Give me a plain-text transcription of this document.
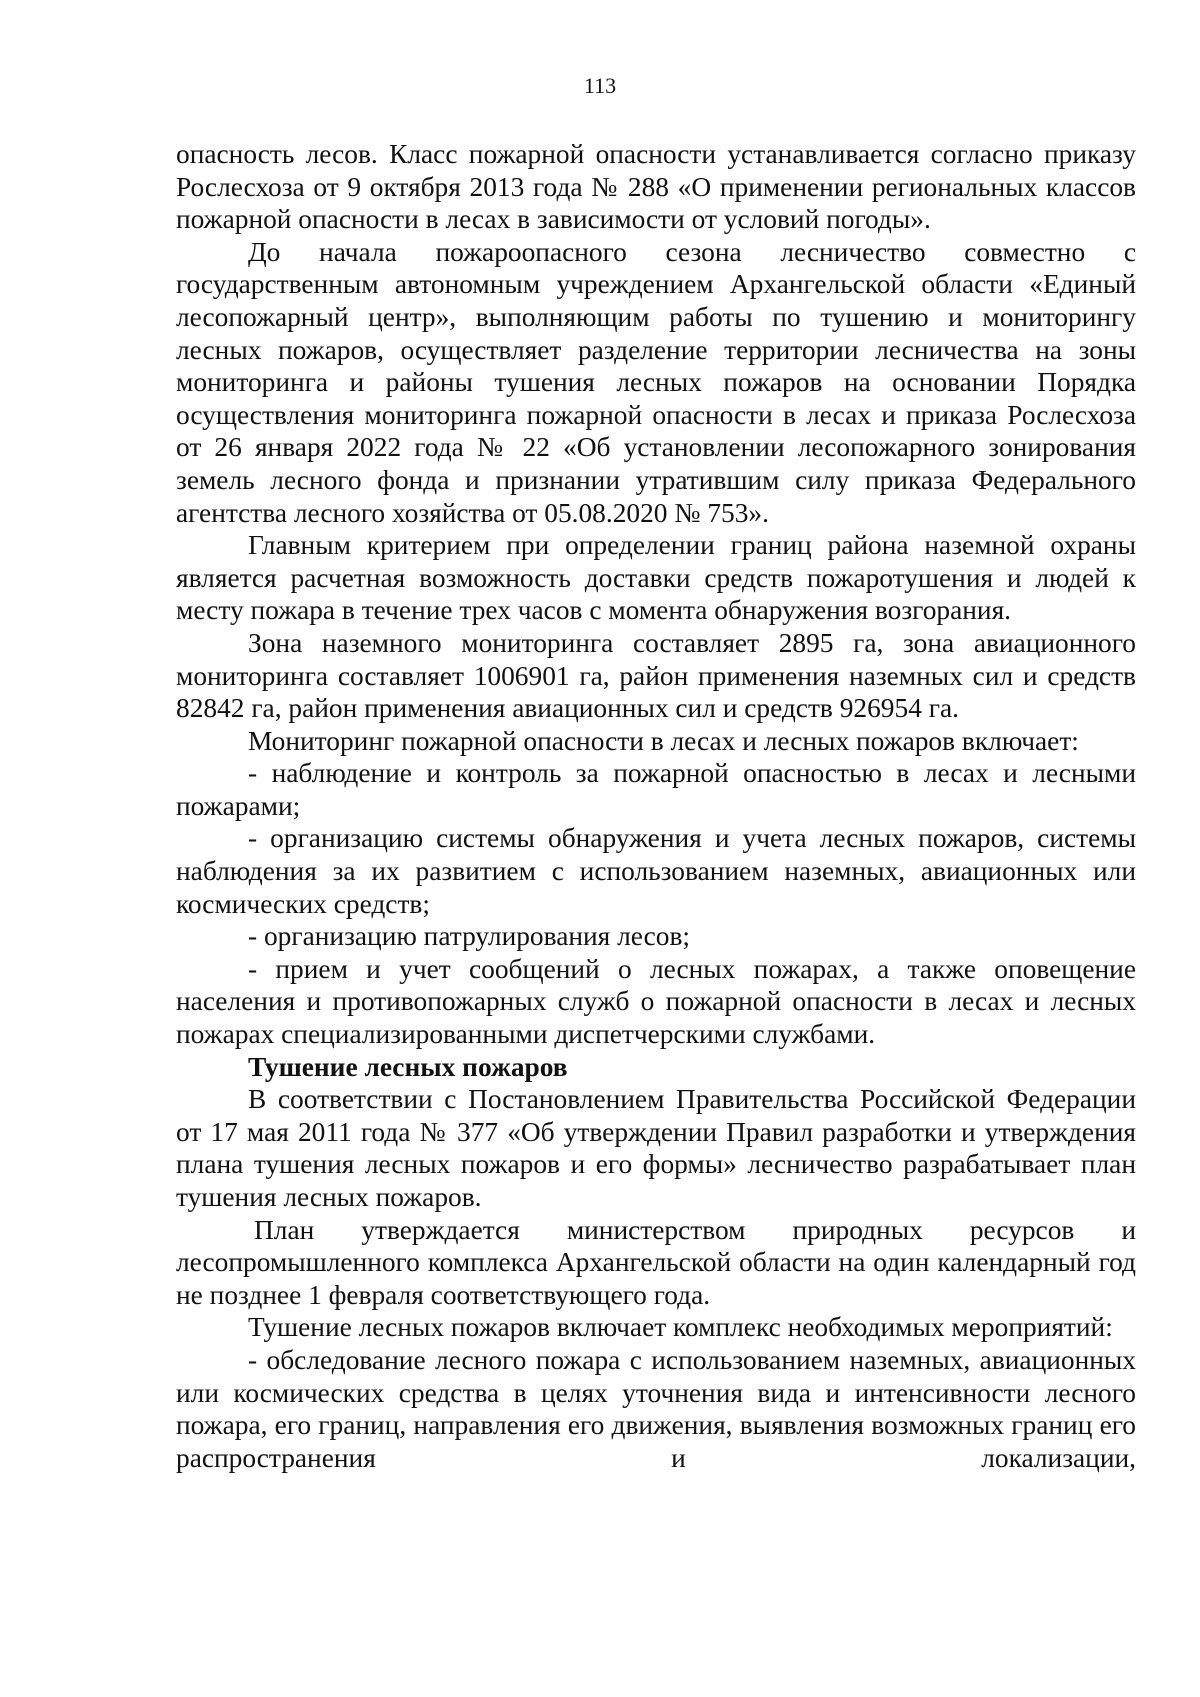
113

опасность лесов. Класс пожарной опасности устанавливается согласно приказу Рослесхоза от 9 октября 2013 года № 288 «О применении региональных классов пожарной опасности в лесах в зависимости от условий погоды».

До начала пожароопасного сезона лесничество совместно с государственным автономным учреждением Архангельской области «Единый лесопожарный центр», выполняющим работы по тушению и мониторингу лесных пожаров, осуществляет разделение территории лесничества на зоны мониторинга и районы тушения лесных пожаров на основании Порядка осуществления мониторинга пожарной опасности в лесах и приказа Рослесхоза от 26 января 2022 года № 22 «Об установлении лесопожарного зонирования земель лесного фонда и признании утратившим силу приказа Федерального агентства лесного хозяйства от 05.08.2020 № 753».

Главным критерием при определении границ района наземной охраны является расчетная возможность доставки средств пожаротушения и людей к месту пожара в течение трех часов с момента обнаружения возгорания.

Зона наземного мониторинга составляет 2895 га, зона авиационного мониторинга составляет 1006901 га, район применения наземных сил и средств 82842 га, район применения авиационных сил и средств 926954 га.

Мониторинг пожарной опасности в лесах и лесных пожаров включает:

- наблюдение и контроль за пожарной опасностью в лесах и лесными пожарами;

- организацию системы обнаружения и учета лесных пожаров, системы наблюдения за их развитием с использованием наземных, авиационных или космических средств;

- организацию патрулирования лесов;

- прием и учет сообщений о лесных пожарах, а также оповещение населения и противопожарных служб о пожарной опасности в лесах и лесных пожарах специализированными диспетчерскими службами.

Тушение лесных пожаров

В соответствии с Постановлением Правительства Российской Федерации от 17 мая 2011 года № 377 «Об утверждении Правил разработки и утверждения плана тушения лесных пожаров и его формы» лесничество разрабатывает план тушения лесных пожаров.

План утверждается министерством природных ресурсов и лесопромышленного комплекса Архангельской области на один календарный год не позднее 1 февраля соответствующего года.

Тушение лесных пожаров включает комплекс необходимых мероприятий:

- обследование лесного пожара с использованием наземных, авиационных или космических средства в целях уточнения вида и интенсивности лесного пожара, его границ, направления его движения, выявления возможных границ его распространения и локализации,
